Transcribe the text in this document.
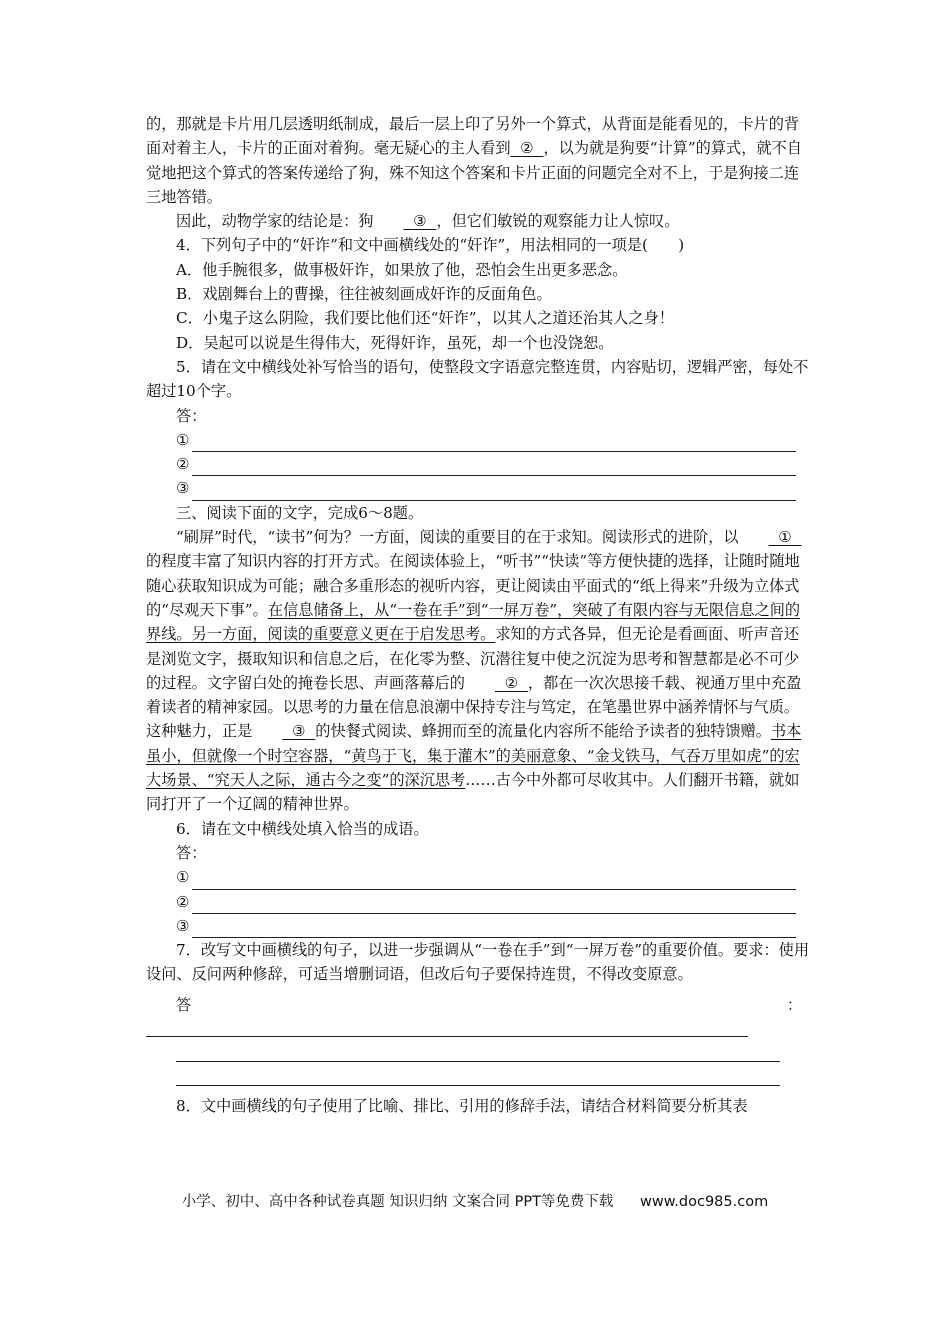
的，那就是卡片用几层透明纸制成，最后一层上印了另外一个算式，从背面是能看见的，卡片的背面对着主人，卡片的正面对着狗。毫无疑心的主人看到 ② ，以为就是狗要“计算”的算式，就不自觉地把这个算式的答案传递给了狗，殊不知这个答案和卡片正面的问题完全对不上，于是狗接二连三地答错。

因此，动物学家的结论是：狗	③ ，但它们敏锐的观察能力让人惊叹。

4．下列句子中的“奸诈”和文中画横线处的“奸诈”，用法相同的一项是(　　)

A．他手腕很多，做事极奸诈，如果放了他，恐怕会生出更多恶念。

B．戏剧舞台上的曹操，往往被刻画成奸诈的反面角色。

C．小鬼子这么阴险，我们要比他们还“奸诈”，以其人之道还治其人之身！

D．吴起可以说是生得伟大，死得奸诈，虽死，却一个也没饶恕。

5．请在文中横线处补写恰当的语句，使整段文字语意完整连贯，内容贴切，逻辑严密，每处不超过10个字。

答：

①
②
③

三、阅读下面的文字，完成6～8题。

“刷屏”时代，“读书”何为？一方面，阅读的重要目的在于求知。阅读形式的进阶，以	①  的程度丰富了知识内容的打开方式。在阅读体验上，“听书”“快读”等方便快捷的选择，让随时随地随心获取知识成为可能；融合多重形态的视听内容，更让阅读由平面式的“纸上得来”升级为立体式的“尽观天下事”。在信息储备上，从“一卷在手”到“一屏万卷”，突破了有限内容与无限信息之间的界线。另一方面，阅读的重要意义更在于启发思考。求知的方式各异，但无论是看画面、听声音还是浏览文字，摄取知识和信息之后，在化零为整、沉潜往复中使之沉淀为思考和智慧都是必不可少的过程。文字留白处的掩卷长思、声画落幕后的	② ，都在一次次思接千载、视通万里中充盈着读者的精神家园。以思考的力量在信息浪潮中保持专注与笃定，在笔墨世界中涵养情怀与气质。这种魅力，正是	③ 的快餐式阅读、蜂拥而至的流量化内容所不能给予读者的独特馈赠。书本虽小，但就像一个时空容器，“黄鸟于飞，集于灌木”的美丽意象、“金戈铁马，气吞万里如虎”的宏大场景、“究天人之际，通古今之变”的深沉思考……古今中外都可尽收其中。人们翻开书籍，就如同打开了一个辽阔的精神世界。

6．请在文中横线处填入恰当的成语。

答：

①
②
③

7．改写文中画横线的句子，以进一步强调从“一卷在手”到“一屏万卷”的重要价值。要求：使用设问、反问两种修辞，可适当增删词语，但改后句子要保持连贯，不得改变原意。

答	：

8．文中画横线的句子使用了比喻、排比、引用的修辞手法，请结合材料简要分析其表

小学、初中、高中各种试卷真题 知识归纳 文案合同 PPT等免费下载 www.doc985.com
